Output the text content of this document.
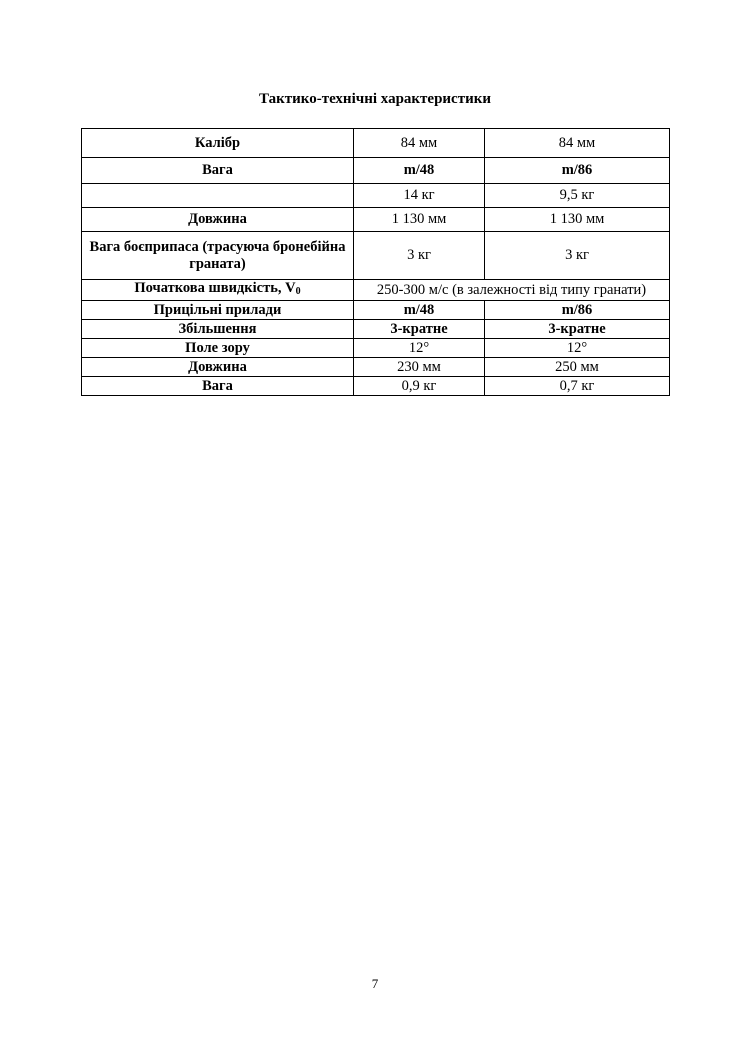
Тактико-технічні характеристики
Калібр	84 мм	84 мм
Вага	m/48	m/86
	14 кг	9,5 кг
Довжина	1 130 мм	1 130 мм
Вага боєприпаса (трасуюча бронебійна граната)	3 кг	3 кг
Початкова швидкість, $V_0$	250-300 м/с (в залежності від типу гранати)	
Прицільні прилади	m/48	m/86
Збільшення	3-кратне	3-кратне
Поле зору	12°	12°
Довжина	230 мм	250 мм
Вага	0,9 кг	0,7 кг
7
